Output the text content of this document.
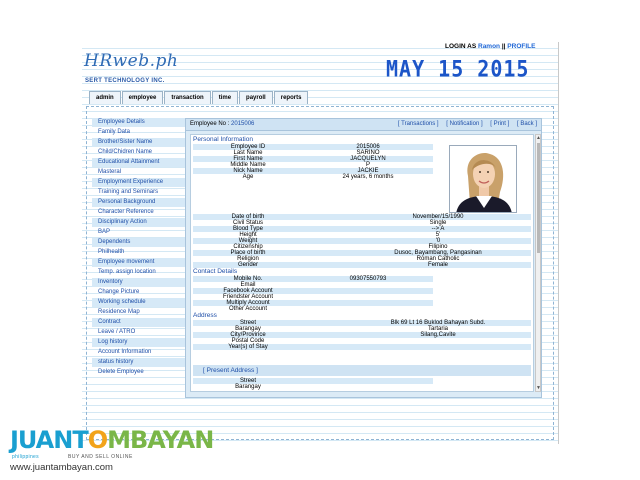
LOGIN AS Ramon || PROFILE
HRweb.ph
SERT TECHNOLOGY INC.	MAY 15 2015
admin	employee	transaction	time	payroll	reports
Employee Details
Family Data
Brother/Sister Name
Child/Chidren Name
Educational Attainment
Masteral
Employment Experience
Training and Seminars
Personal Background
Character Reference
Disciplinary Action
BAP
Dependents
Philhealth
Employee movement
Temp. assign location
Inventory
Change Picture
Working schedule
Residence Map
Contract
Leave / ATRO
Log history
Account Information
status history
Delete Employee
Employee No : 2015006	[ Transactions ] [ Notification ] [ Print ] [ Back ]
Personal Information
Employee ID	2015006
Last Name	SARINO
First Name	JACQUELYN
Middle Name	P
Nick Name	JACKIE
Age	24 years, 6 months
Date of birth	November/15/1990
Civil Status	Single
Blood Type	--> A
Height	5'
Weight	'0
Citizenship	Filipino
Place of birth	Dusoc, Bayambang, Pangasinan
Religion	Roman Catholic
Gender	Female
Contact Details
Mobile No.	09307550793
Email
Facebook Account
Friendster Account
Multiply Account
Other Account
Address
Street	Blk 69 Lt 16 Buklod Bahayan Subd.
Barangay	Tartaria
City/Province	Silang,Cavite
Postal Code
Year(s) of Stay
Street
Barangay
[ Present Address ]
▲
▼
JUANTOMBAYAN
philippines	BUY AND SELL ONLINE
www.juantambayan.com
